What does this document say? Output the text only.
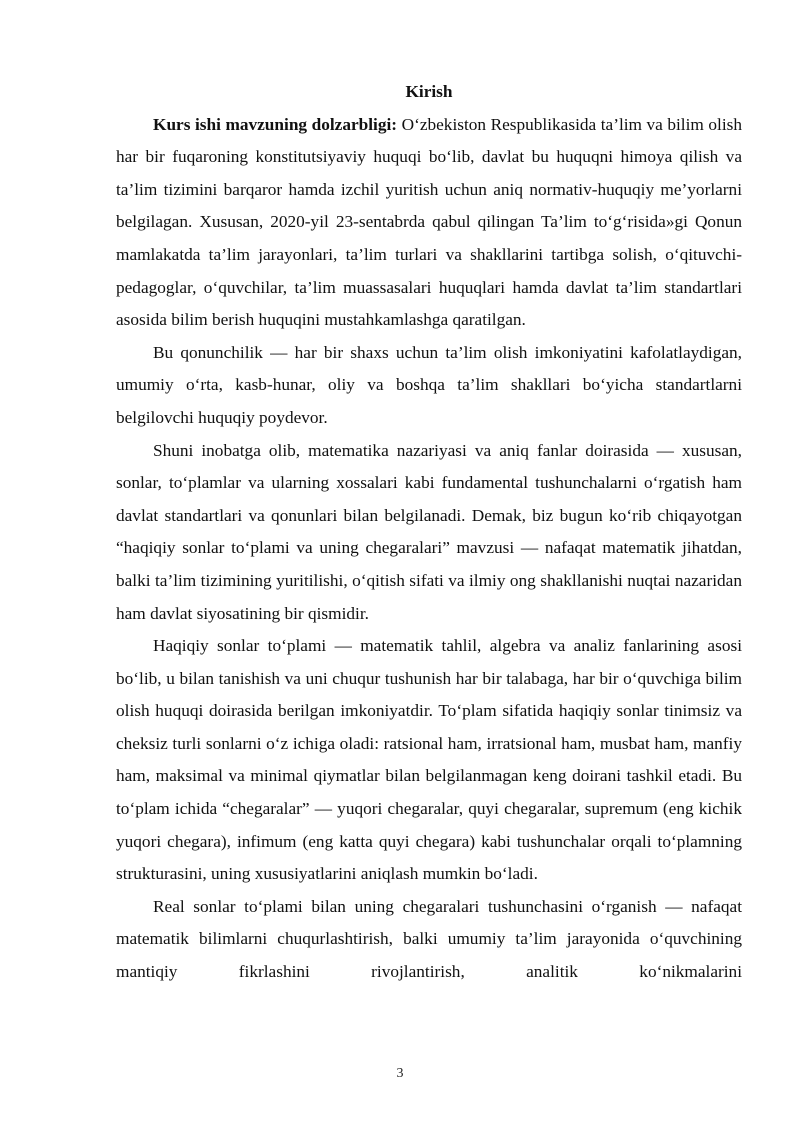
Kirish

Kurs ishi mavzuning dolzarbligi: O‘zbekiston Respublikasida ta’lim va bilim olish har bir fuqaroning konstitutsiyaviy huquqi bo‘lib, davlat bu huquqni himoya qilish va ta’lim tizimini barqaror hamda izchil yuritish uchun aniq normativ-huquqiy me’yorlarni belgilagan. Xususan, 2020-yil 23-sentabrda qabul qilingan Ta’lim to‘g‘risida»gi Qonun mamlakatda ta’lim jarayonlari, ta’lim turlari va shakllarini tartibga solish, o‘qituvchi-pedagoglar, o‘quvchilar, ta’lim muassasalari huquqlari hamda davlat ta’lim standartlari asosida bilim berish huquqini mustahkamlashga qaratilgan.

Bu qonunchilik — har bir shaxs uchun ta’lim olish imkoniyatini kafolatlaydigan, umumiy o‘rta, kasb-hunar, oliy va boshqa ta’lim shakllari bo‘yicha standartlarni belgilovchi huquqiy poydevor.

Shuni inobatga olib, matematika nazariyasi va aniq fanlar doirasida — xususan, sonlar, to‘plamlar va ularning xossalari kabi fundamental tushunchalarni o‘rgatish ham davlat standartlari va qonunlari bilan belgilanadi. Demak, biz bugun ko‘rib chiqayotgan “haqiqiy sonlar to‘plami va uning chegaralari” mavzusi — nafaqat matematik jihatdan, balki ta’lim tizimining yuritilishi, o‘qitish sifati va ilmiy ong shakllanishi nuqtai nazaridan ham davlat siyosatining bir qismidir.

Haqiqiy sonlar to‘plami — matematik tahlil, algebra va analiz fanlarining asosi bo‘lib, u bilan tanishish va uni chuqur tushunish har bir talabaga, har bir o‘quvchiga bilim olish huquqi doirasida berilgan imkoniyatdir. To‘plam sifatida haqiqiy sonlar tinimsiz va cheksiz turli sonlarni o‘z ichiga oladi: ratsional ham, irratsional ham, musbat ham, manfiy ham, maksimal va minimal qiymatlar bilan belgilanmagan keng doirani tashkil etadi. Bu to‘plam ichida “chegaralar” — yuqori chegaralar, quyi chegaralar, supremum (eng kichik yuqori chegara), infimum (eng katta quyi chegara) kabi tushunchalar orqali to‘plamning strukturasini, uning xususiyatlarini aniqlash mumkin bo‘ladi.

Real sonlar to‘plami bilan uning chegaralari tushunchasini o‘rganish — nafaqat matematik bilimlarni chuqurlashtirish, balki umumiy ta’lim jarayonida o‘quvchining mantiqiy fikrlashini rivojlantirish, analitik ko‘nikmalarini

3
